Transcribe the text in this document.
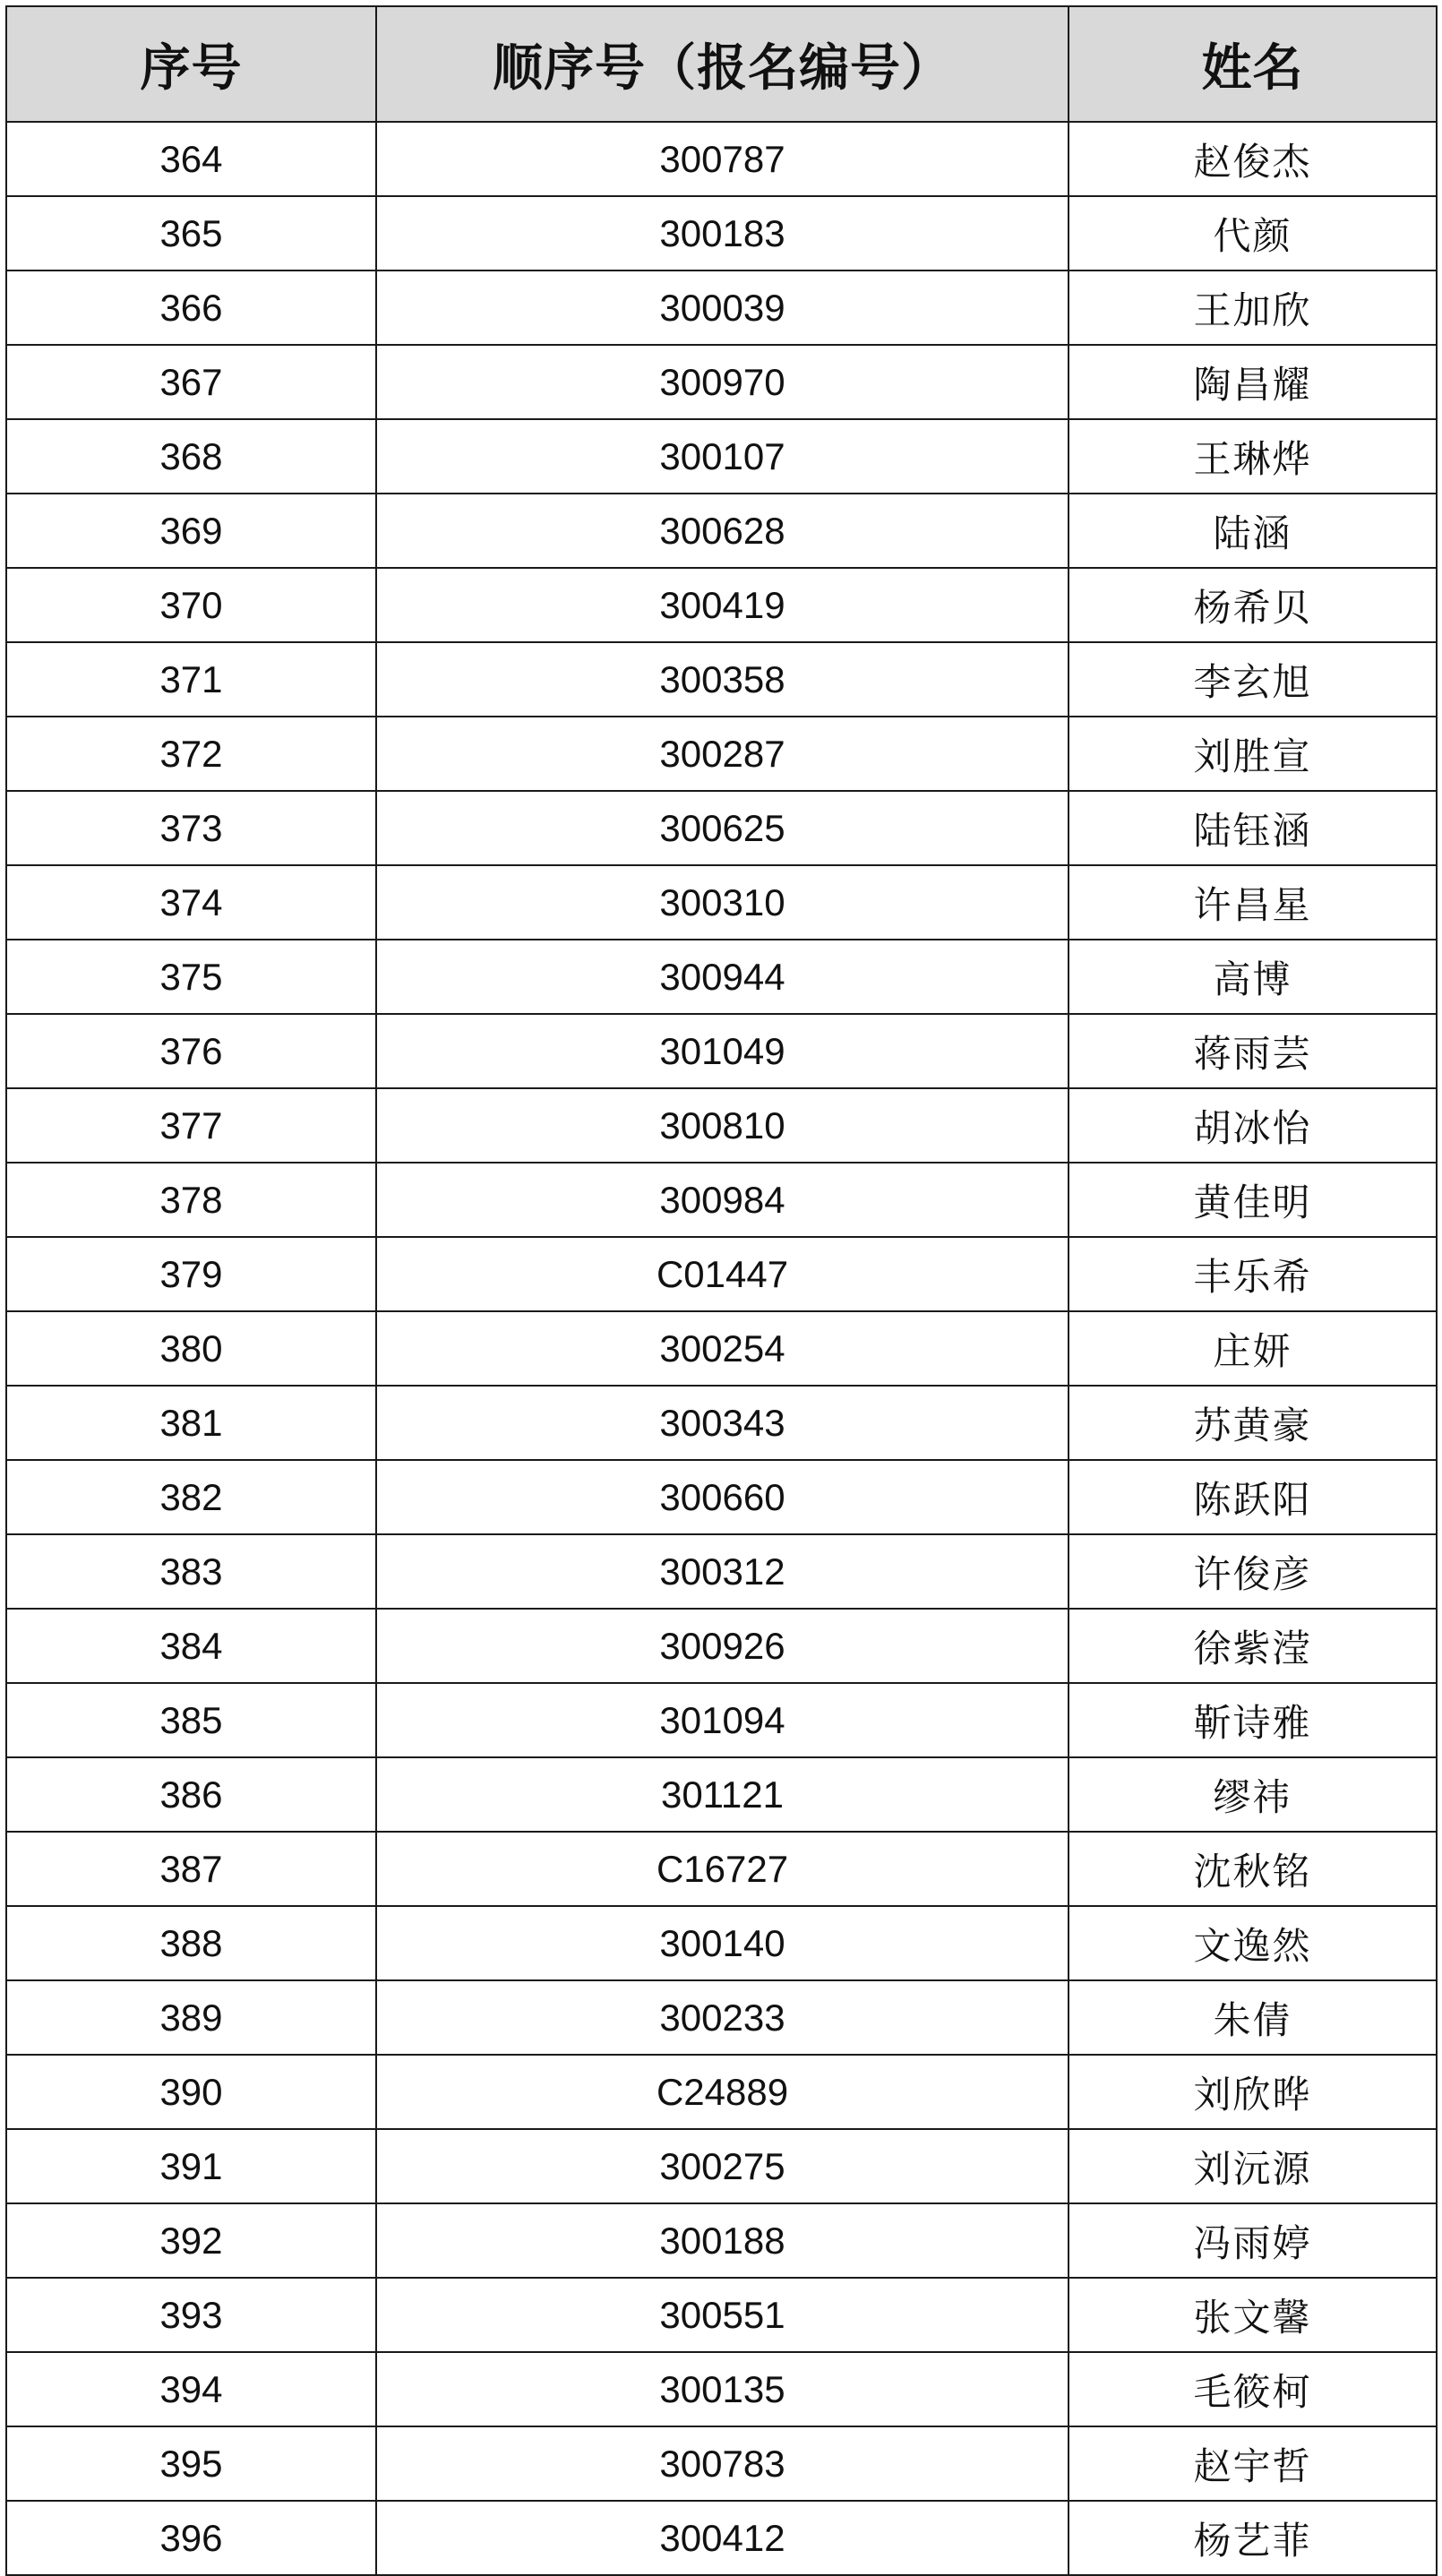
序号	顺序号（报名编号）	姓名
364	300787	赵俊杰
365	300183	代颜
366	300039	王加欣
367	300970	陶昌耀
368	300107	王琳烨
369	300628	陆涵
370	300419	杨希贝
371	300358	李玄旭
372	300287	刘胜宣
373	300625	陆钰涵
374	300310	许昌星
375	300944	高博
376	301049	蒋雨芸
377	300810	胡冰怡
378	300984	黄佳明
379	C01447	丰乐希
380	300254	庄妍
381	300343	苏黄豪
382	300660	陈跃阳
383	300312	许俊彦
384	300926	徐紫滢
385	301094	靳诗雅
386	301121	缪祎
387	C16727	沈秋铭
388	300140	文逸然
389	300233	朱倩
390	C24889	刘欣晔
391	300275	刘沅源
392	300188	冯雨婷
393	300551	张文馨
394	300135	毛筱柯
395	300783	赵宇哲
396	300412	杨艺菲
